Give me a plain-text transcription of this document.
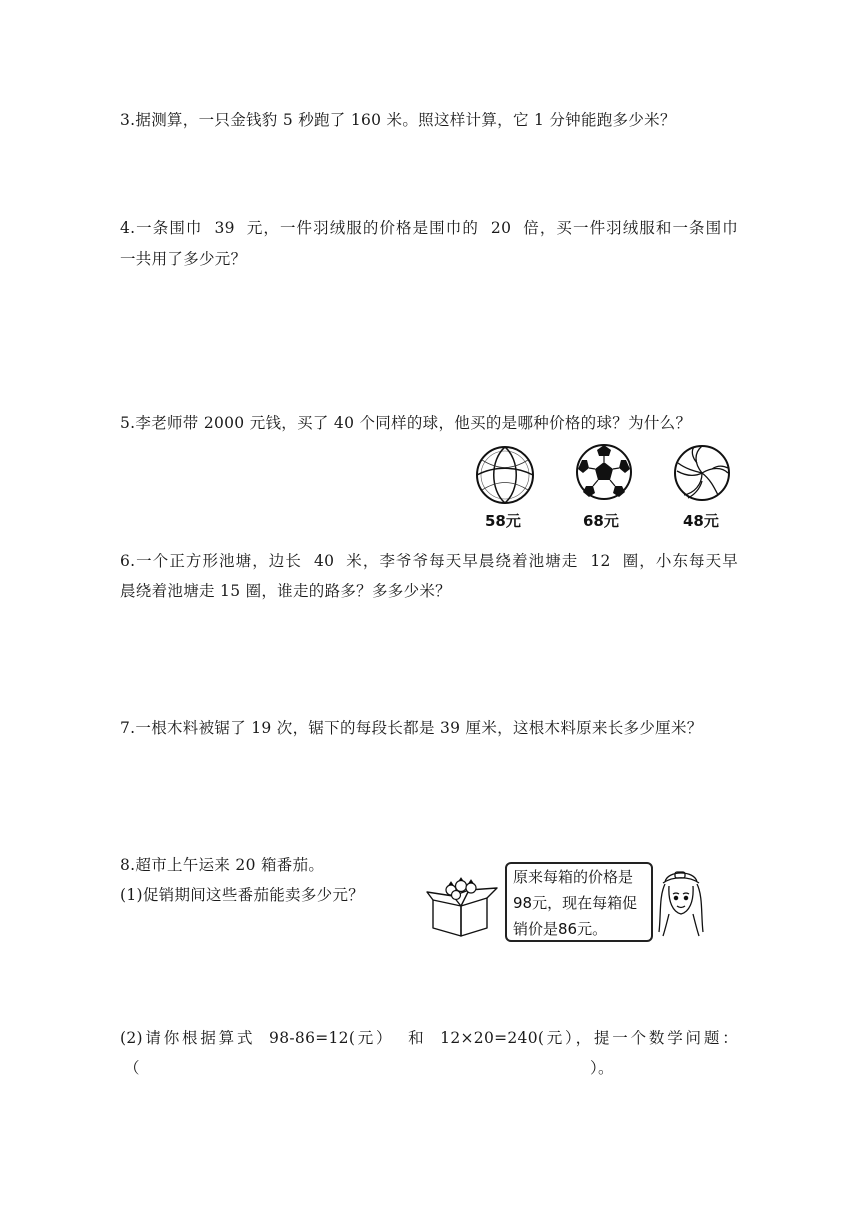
3.据测算，一只金钱豹 5 秒跑了 160 米。照这样计算，它 1 分钟能跑多少米？
4.一条围巾 39 元，一件羽绒服的价格是围巾的 20 倍，买一件羽绒服和一条围巾
一共用了多少元？
5.李老师带 2000 元钱，买了 40 个同样的球，他买的是哪种价格的球？为什么？
58元	68元	48元
6.一个正方形池塘，边长 40 米，李爷爷每天早晨绕着池塘走 12 圈，小东每天早
晨绕着池塘走 15 圈，谁走的路多？多多少米？
7.一根木料被锯了 19 次，锯下的每段长都是 39 厘米，这根木料原来长多少厘米？
8.超市上午运来 20 箱番茄。
(1)促销期间这些番茄能卖多少元？
原来每箱的价格是
98元，现在每箱促
销价是86元。
(2)请你根据算式 98-86=12(元） 和 12×20=240(元），提一个数学问题：
（	）。
